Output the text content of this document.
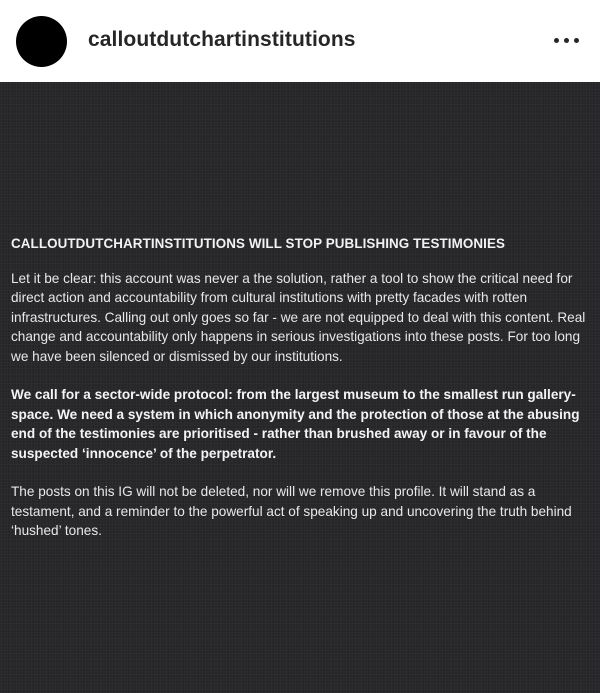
calloutdutchartinstitutions

CALLOUTDUTCHARTINSTITUTIONS WILL STOP PUBLISHING TESTIMONIES

Let it be clear: this account was never a the solution, rather a tool to show the critical need for direct action and accountability from cultural institutions with pretty facades with rotten infrastructures. Calling out only goes so far - we are not equipped to deal with this content. Real change and accountability only happens in serious investigations into these posts. For too long we have been silenced or dismissed by our institutions.

We call for a sector-wide protocol: from the largest museum to the smallest run gallery-space. We need a system in which anonymity and the protection of those at the abusing end of the testimonies are prioritised - rather than brushed away or in favour of the suspected ‘innocence’ of the perpetrator.

The posts on this IG will not be deleted, nor will we remove this profile. It will stand as a testament, and a reminder to the powerful act of speaking up and uncovering the truth behind ‘hushed’ tones.
